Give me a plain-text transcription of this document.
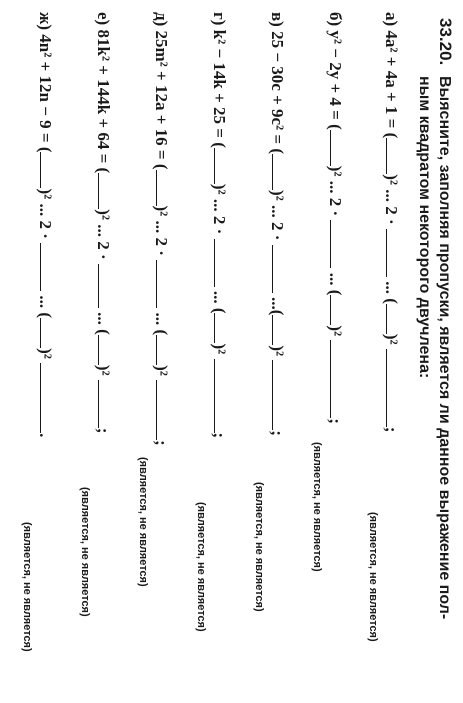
33.20.Выясните, заполняя пропуски, является ли данное выражение пол-
ным квадратом некоторого двучлена:
а) 4a² + 4a + 1 = ()² ... 2 ·  ... ()² ;
(является, не является)
б) y² − 2y + 4 = ()² ... 2 ·  ... ()² ;
(является, не является)
в) 25 − 30c + 9c² = ()² ... 2 ·  ...()² ;
(является, не является)
г) k² − 14k + 25 = ()² ... 2 ·  ... ()² ;
(является, не является)
д) 25m² + 12a + 16 = ()² ... 2 ·  ... ()² ;
(является, не является)
е) 81k² + 144k + 64 = ()² ... 2 ·  ... ()² ;
(является, не является)
ж) 4n² + 12n − 9 = ()² ... 2 ·  ... ()² .
(является, не является)
